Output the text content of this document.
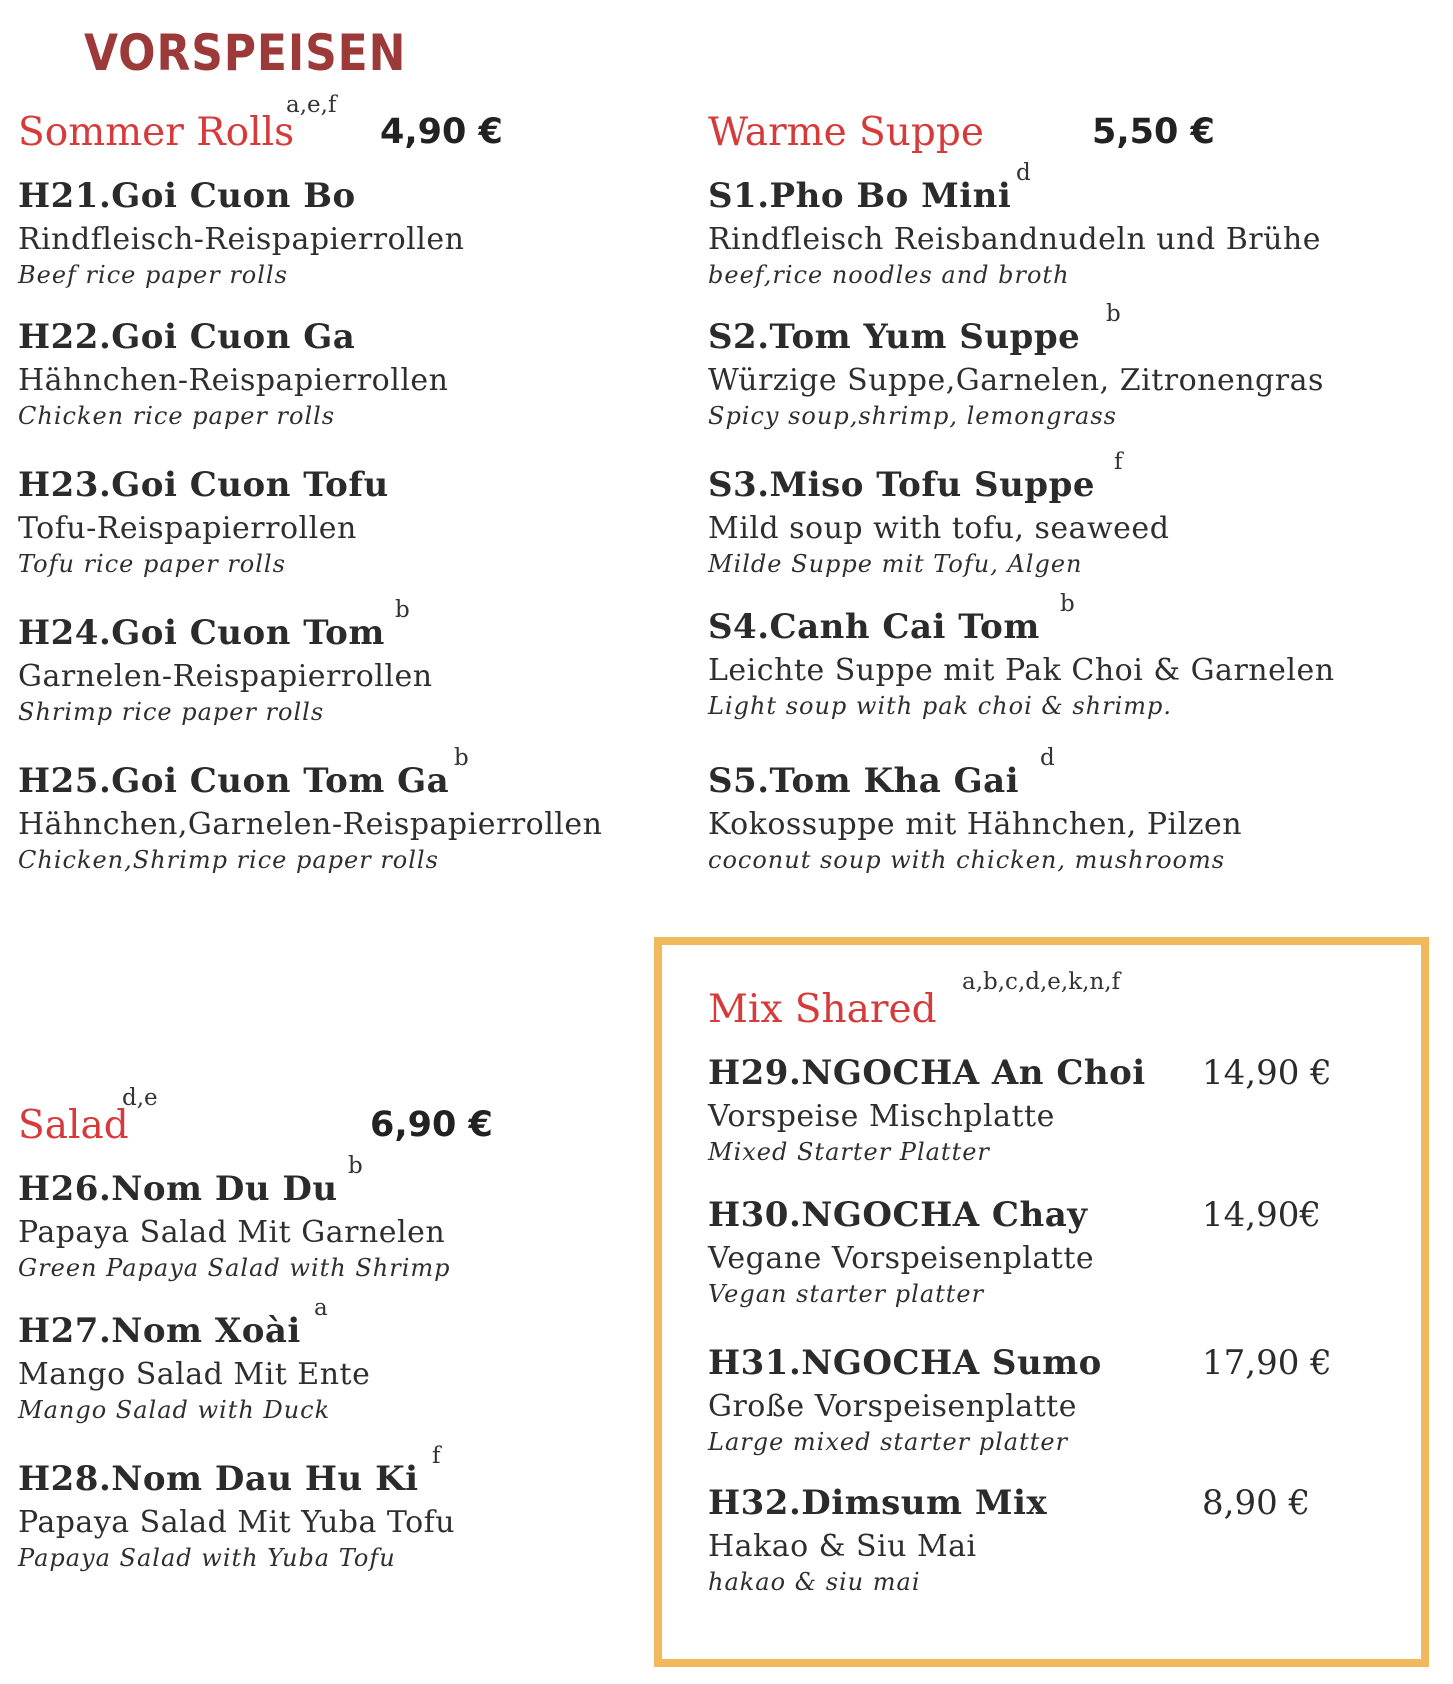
VORSPEISEN
Sommer Rolls
a,e,f
4,90 €
H21.Goi Cuon Bo
Rindfleisch-Reispapierrollen
Beef rice paper rolls
H22.Goi Cuon Ga
Hähnchen-Reispapierrollen
Chicken rice paper rolls
H23.Goi Cuon Tofu
Tofu-Reispapierrollen
Tofu rice paper rolls
H24.Goi Cuon Tom
b
Garnelen-Reispapierrollen
Shrimp rice paper rolls
H25.Goi Cuon Tom Ga
b
Hähnchen,Garnelen-Reispapierrollen
Chicken,Shrimp rice paper rolls
Warme Suppe	5,50 €
S1.Pho Bo Mini
d
Rindfleisch Reisbandnudeln und Brühe
beef,rice noodles and broth
S2.Tom Yum Suppe
b
Würzige Suppe,Garnelen, Zitronengras
Spicy soup,shrimp, lemongrass
S3.Miso Tofu Suppe
f
Mild soup with tofu, seaweed
Milde Suppe mit Tofu, Algen
S4.Canh Cai Tom
b
Leichte Suppe mit Pak Choi & Garnelen
Light soup with pak choi & shrimp.
S5.Tom Kha Gai
d
Kokossuppe mit Hähnchen, Pilzen
coconut soup with chicken, mushrooms
Salad
d,e
6,90 €
H26.Nom Du Du
b
Papaya Salad Mit Garnelen
Green Papaya Salad with Shrimp
H27.Nom Xoài
a
Mango Salad Mit Ente
Mango Salad with Duck
H28.Nom Dau Hu Ki
f
Papaya Salad Mit Yuba Tofu
Papaya Salad with Yuba Tofu
Mix Shared
a,b,c,d,e,k,n,f
H29.NGOCHA An Choi 14,90 €
Vorspeise Mischplatte
Mixed Starter Platter
H30.NGOCHA Chay	14,90€
Vegane Vorspeisenplatte
Vegan starter platter
H31.NGOCHA Sumo	17,90 €
Große Vorspeisenplatte
Large mixed starter platter
H32.Dimsum Mix	8,90 €
Hakao & Siu Mai
hakao & siu mai
